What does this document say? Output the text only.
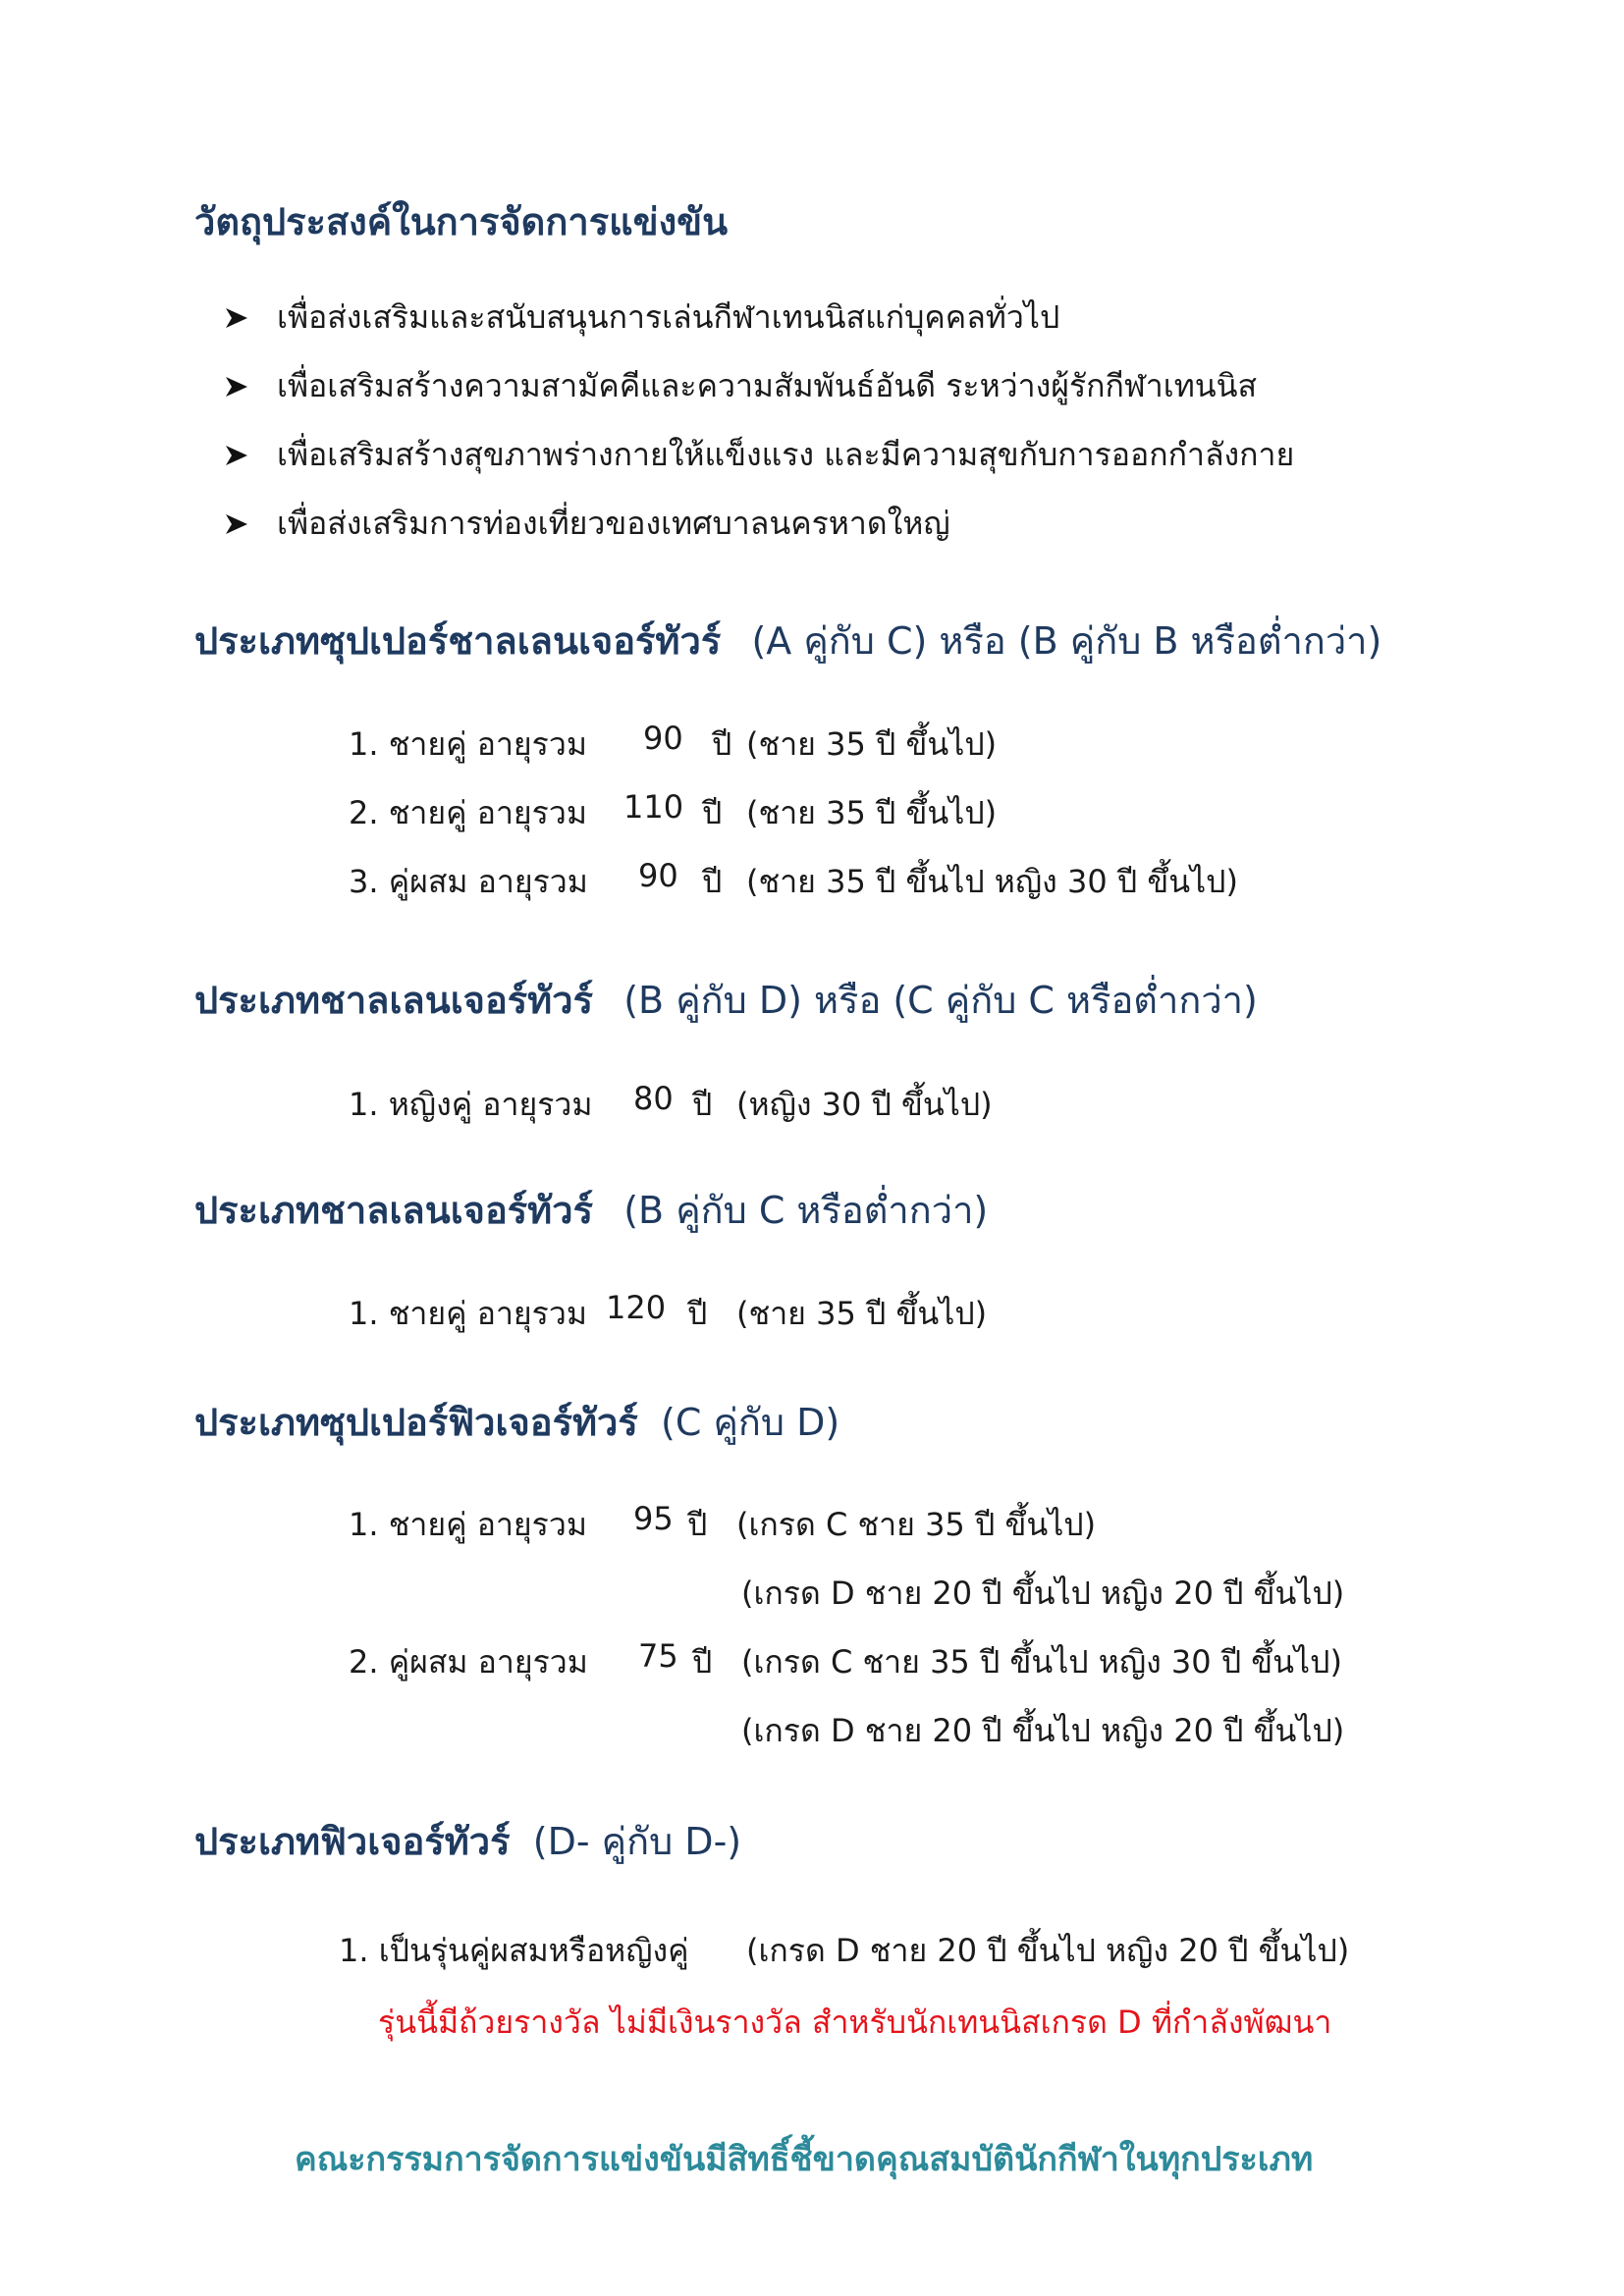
วัตถุประสงค์ในการจัดการแข่งขัน
เพื่อส่งเสริมและสนับสนุนการเล่นกีฬาเทนนิสแก่บุคคลทั่วไป
เพื่อเสริมสร้างความสามัคคีและความสัมพันธ์อันดี ระหว่างผู้รักกีฬาเทนนิส
เพื่อเสริมสร้างสุขภาพร่างกายให้แข็งแรง และมีความสุขกับการออกกำลังกาย
เพื่อส่งเสริมการท่องเที่ยวของเทศบาลนครหาดใหญ่
ประเภทซุปเปอร์ชาลเลนเจอร์ทัวร์ (A คู่กับ C) หรือ (B คู่กับ B หรือต่ำกว่า)
1. ชายคู่ อายุรวม 90 ปี (ชาย 35 ปี ขึ้นไป)
2. ชายคู่ อายุรวม 110 ปี (ชาย 35 ปี ขึ้นไป)
3. คู่ผสม อายุรวม 90 ปี (ชาย 35 ปี ขึ้นไป หญิง 30 ปี ขึ้นไป)
ประเภทชาลเลนเจอร์ทัวร์ (B คู่กับ D) หรือ (C คู่กับ C หรือต่ำกว่า)
1. หญิงคู่ อายุรวม 80 ปี (หญิง 30 ปี ขึ้นไป)
ประเภทชาลเลนเจอร์ทัวร์ (B คู่กับ C หรือต่ำกว่า)
1. ชายคู่ อายุรวม 120 ปี (ชาย 35 ปี ขึ้นไป)
ประเภทซุปเปอร์ฟิวเจอร์ทัวร์ (C คู่กับ D)
1. ชายคู่ อายุรวม 95 ปี (เกรด C ชาย 35 ปี ขึ้นไป)
(เกรด D ชาย 20 ปี ขึ้นไป หญิง 20 ปี ขึ้นไป)
2. คู่ผสม อายุรวม 75 ปี (เกรด C ชาย 35 ปี ขึ้นไป หญิง 30 ปี ขึ้นไป)
(เกรด D ชาย 20 ปี ขึ้นไป หญิง 20 ปี ขึ้นไป)
ประเภทฟิวเจอร์ทัวร์ (D- คู่กับ D-)
1. เป็นรุ่นคู่ผสมหรือหญิงคู่ (เกรด D ชาย 20 ปี ขึ้นไป หญิง 20 ปี ขึ้นไป)
รุ่นนี้มีถ้วยรางวัล ไม่มีเงินรางวัล สำหรับนักเทนนิสเกรด D ที่กำลังพัฒนา
คณะกรรมการจัดการแข่งขันมีสิทธิ์ชี้ขาดคุณสมบัตินักกีฬาในทุกประเภท
